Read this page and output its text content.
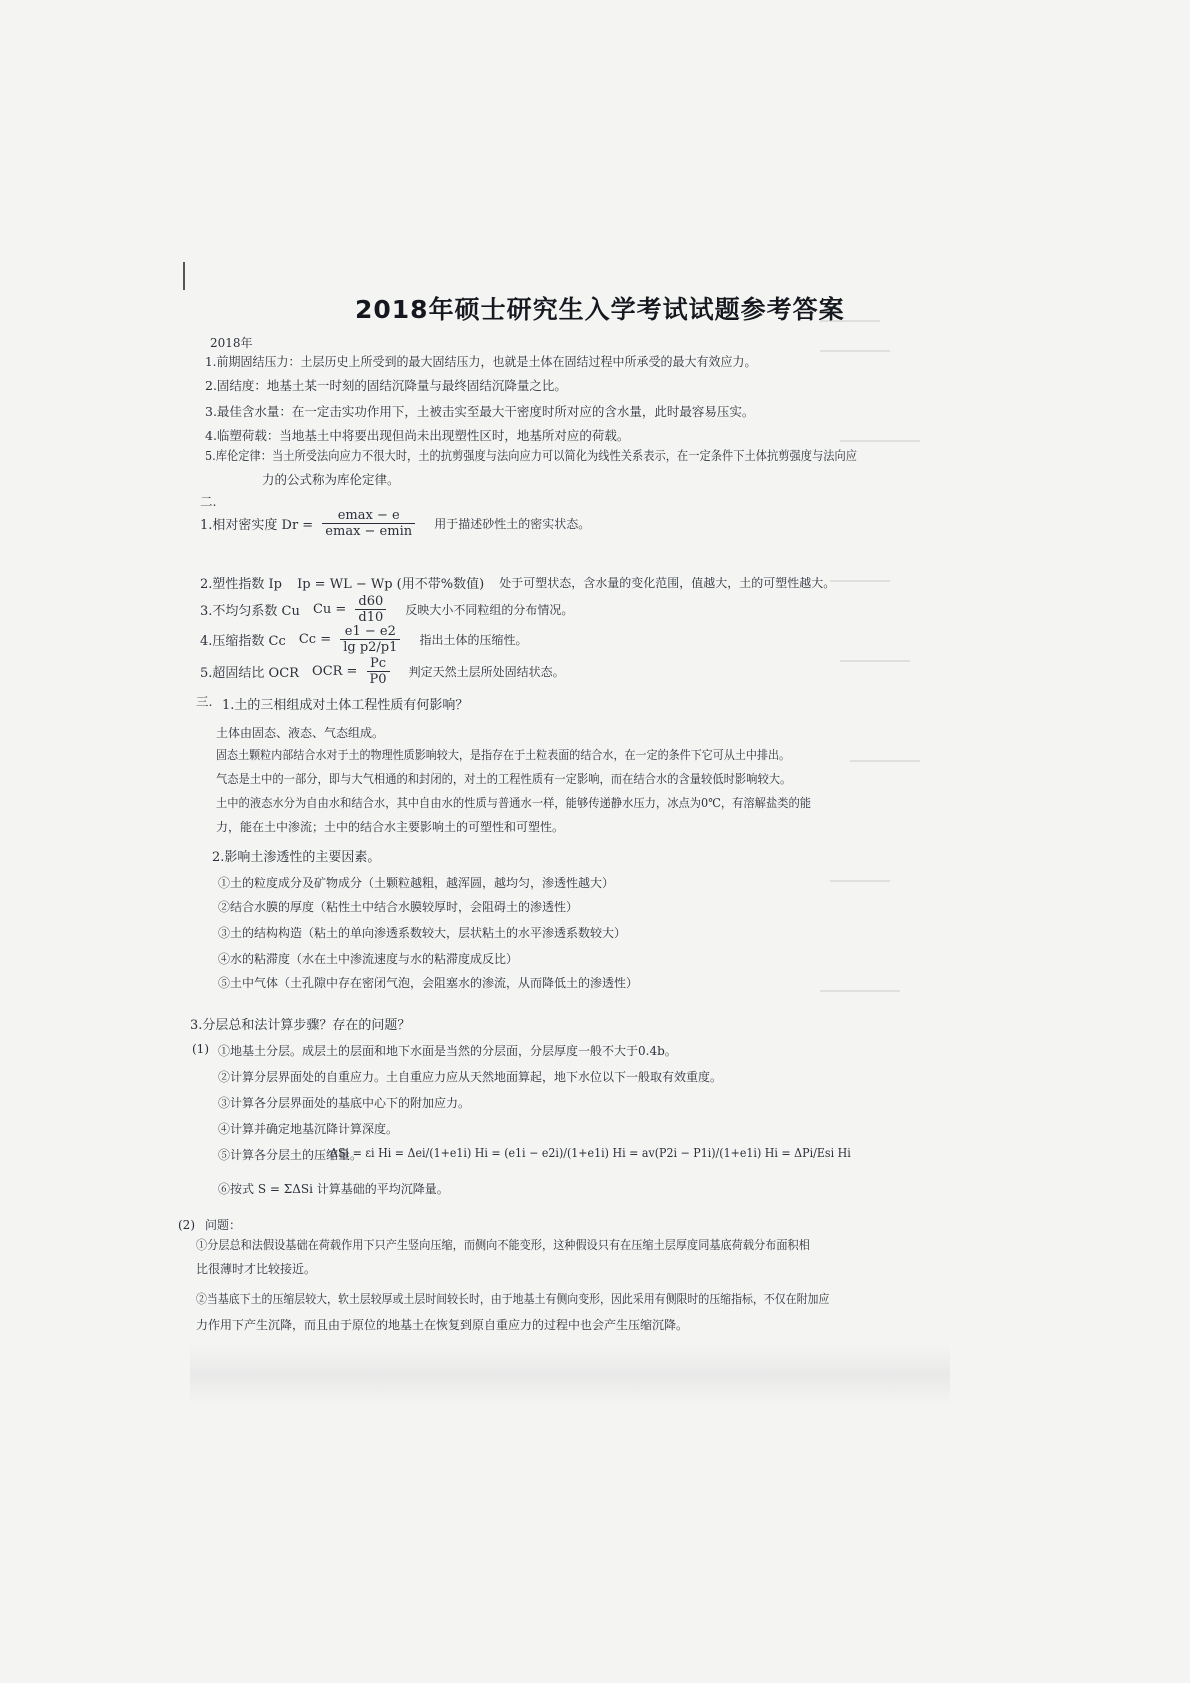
2018年硕士研究生入学考试试题参考答案
2018年
1.前期固结压力：土层历史上所受到的最大固结压力，也就是土体在固结过程中所承受的最大有效应力。
2.固结度：地基土某一时刻的固结沉降量与最终固结沉降量之比。
3.最佳含水量：在一定击实功作用下，土被击实至最大干密度时所对应的含水量，此时最容易压实。
4.临塑荷载：当地基土中将要出现但尚未出现塑性区时，地基所对应的荷载。
5.库伦定律：当土所受法向应力不很大时，土的抗剪强度与法向应力可以简化为线性关系表示，在一定条件下土体抗剪强度与法向应
力的公式称为库伦定律。
二.
1.相对密实度 $Dr = \frac{emax - e}{emax - emin}$ 用于描述砂性土的密实状态。
2.塑性指数 Ip Ip = WL − Wp (用不带%数值) 处于可塑状态，含水量的变化范围，值越大，土的可塑性越大。
3.不均匀系数 Cu $Cu = \frac{d60}{d10}$ 反映大小不同粒组的分布情况。
4.压缩指数 Cc $Cc = \frac{e1 - e2}{\text{lg p2/p1}}$ 指出土体的压缩性。
5.超固结比 OCR OCR = $\frac{Pc}{P0}$ 判定天然土层所处固结状态。
三. 1.土的三相组成对土体工程性质有何影响？
土体由固态、液态、气态组成。
固态土颗粒内部结合水对于土的物理性质影响较大，是指存在于土粒表面的结合水，在一定的条件下它可从土中排出。
气态是土中的一部分，即与大气相通的和封闭的，对土的工程性质有一定影响，而在结合水的含量较低时影响较大。
土中的液态水分为自由水和结合水，其中自由水的性质与普通水一样，能够传递静水压力，冰点为0℃，有溶解盐类的能
力，能在土中渗流；土中的结合水主要影响土的可塑性和可塑性。
2.影响土渗透性的主要因素。
①土的粒度成分及矿物成分（土颗粒越粗，越浑圆，越均匀，渗透性越大）
②结合水膜的厚度（粘性土中结合水膜较厚时，会阻碍土的渗透性）
③土的结构构造（粘土的单向渗透系数较大，层状粘土的水平渗透系数较大）
④水的粘滞度（水在土中渗流速度与水的粘滞度成反比）
⑤土中气体（土孔隙中存在密闭气泡，会阻塞水的渗流，从而降低土的渗透性）
3.分层总和法计算步骤？存在的问题？
(1) ①地基土分层。成层土的层面和地下水面是当然的分层面，分层厚度一般不大于0.4b。
②计算分层界面处的自重应力。土自重应力应从天然地面算起，地下水位以下一般取有效重度。
③计算各分层界面处的基底中心下的附加应力。
④计算并确定地基沉降计算深度。
⑤计算各分层土的压缩量。
ΔSi = εi Hi = Δei/(1+e1i) Hi = (e1i − e2i)/(1+e1i) Hi = av(P2i − P1i)/(1+e1i) Hi = ΔPi/Esi Hi
⑥按式 S = ΣΔSi 计算基础的平均沉降量。
(2) 问题：
①分层总和法假设基础在荷载作用下只产生竖向压缩，而侧向不能变形，这种假设只有在压缩土层厚度同基底荷载分布面积相
比很薄时才比较接近。
②当基底下土的压缩层较大，软土层较厚或土层时间较长时，由于地基土有侧向变形，因此采用有侧限时的压缩指标，不仅在附加应
力作用下产生沉降，而且由于原位的地基土在恢复到原自重应力的过程中也会产生压缩沉降。
